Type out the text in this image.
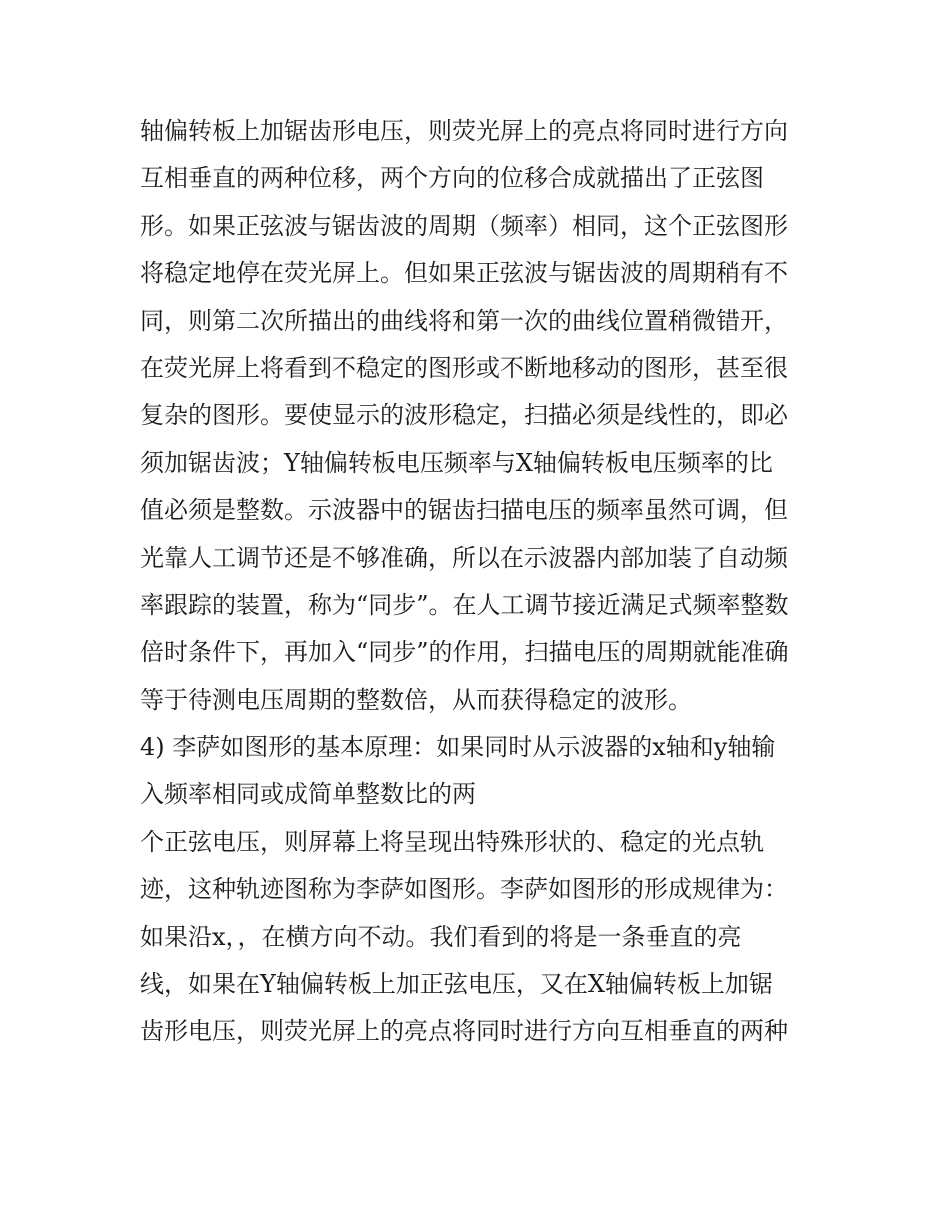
轴偏转板上加锯齿形电压，则荧光屏上的亮点将同时进行方向
互相垂直的两种位移，两个方向的位移合成就描出了正弦图
形。如果正弦波与锯齿波的周期（频率）相同，这个正弦图形
将稳定地停在荧光屏上。但如果正弦波与锯齿波的周期稍有不
同，则第二次所描出的曲线将和第一次的曲线位置稍微错开，
在荧光屏上将看到不稳定的图形或不断地移动的图形，甚至很
复杂的图形。要使显示的波形稳定，扫描必须是线性的，即必
须加锯齿波；Y轴偏转板电压频率与X轴偏转板电压频率的比
值必须是整数。示波器中的锯齿扫描电压的频率虽然可调，但
光靠人工调节还是不够准确，所以在示波器内部加装了自动频
率跟踪的装置，称为“同步”。在人工调节接近满足式频率整数
倍时条件下，再加入“同步”的作用，扫描电压的周期就能准确
等于待测电压周期的整数倍，从而获得稳定的波形。
4) 李萨如图形的基本原理：如果同时从示波器的x轴和y轴输
入频率相同或成简单整数比的两
个正弦电压，则屏幕上将呈现出特殊形状的、稳定的光点轨
迹，这种轨迹图称为李萨如图形。李萨如图形的形成规律为：
如果沿x，，在横方向不动。我们看到的将是一条垂直的亮
线，如果在Y轴偏转板上加正弦电压，又在X轴偏转板上加锯
齿形电压，则荧光屏上的亮点将同时进行方向互相垂直的两种
